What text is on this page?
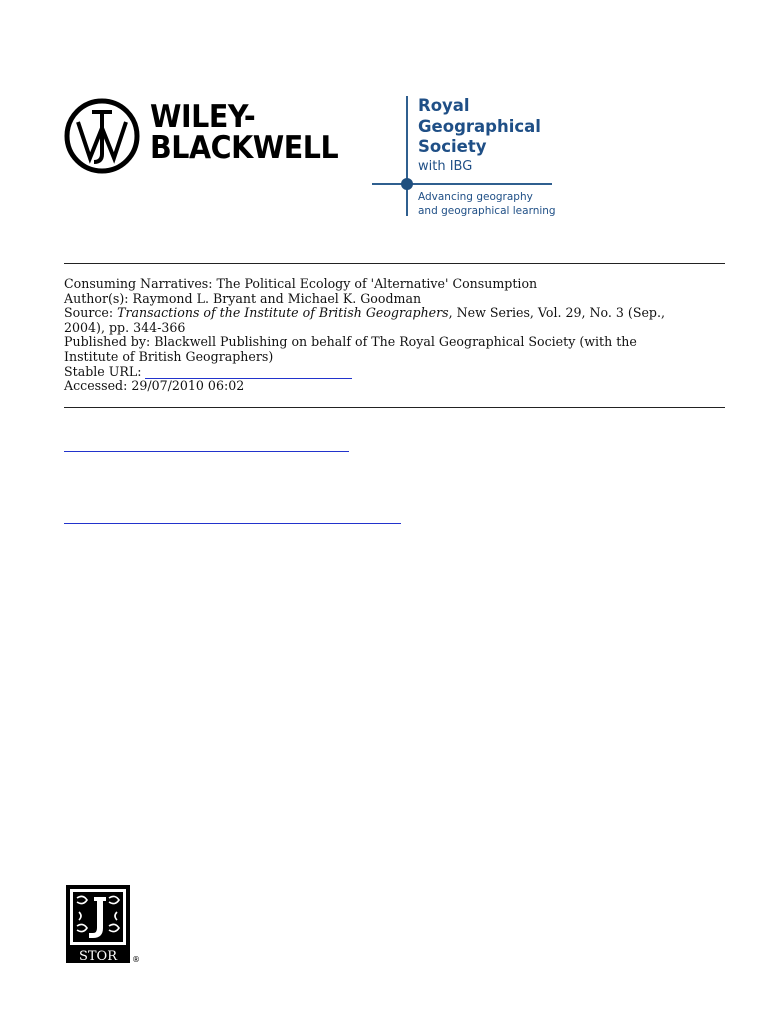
WILEY-
BLACKWELL
Royal
Geographical
Society
with IBG
Advancing geography
and geographical learning
Consuming Narratives: The Political Ecology of 'Alternative' Consumption
Author(s): Raymond L. Bryant and Michael K. Goodman
Source: Transactions of the Institute of British Geographers, New Series, Vol. 29, No. 3 (Sep.,
2004), pp. 344-366
Published by: Blackwell Publishing on behalf of The Royal Geographical Society (with the
Institute of British Geographers)
Stable URL:
Accessed: 29/07/2010 06:02
STOR ®
